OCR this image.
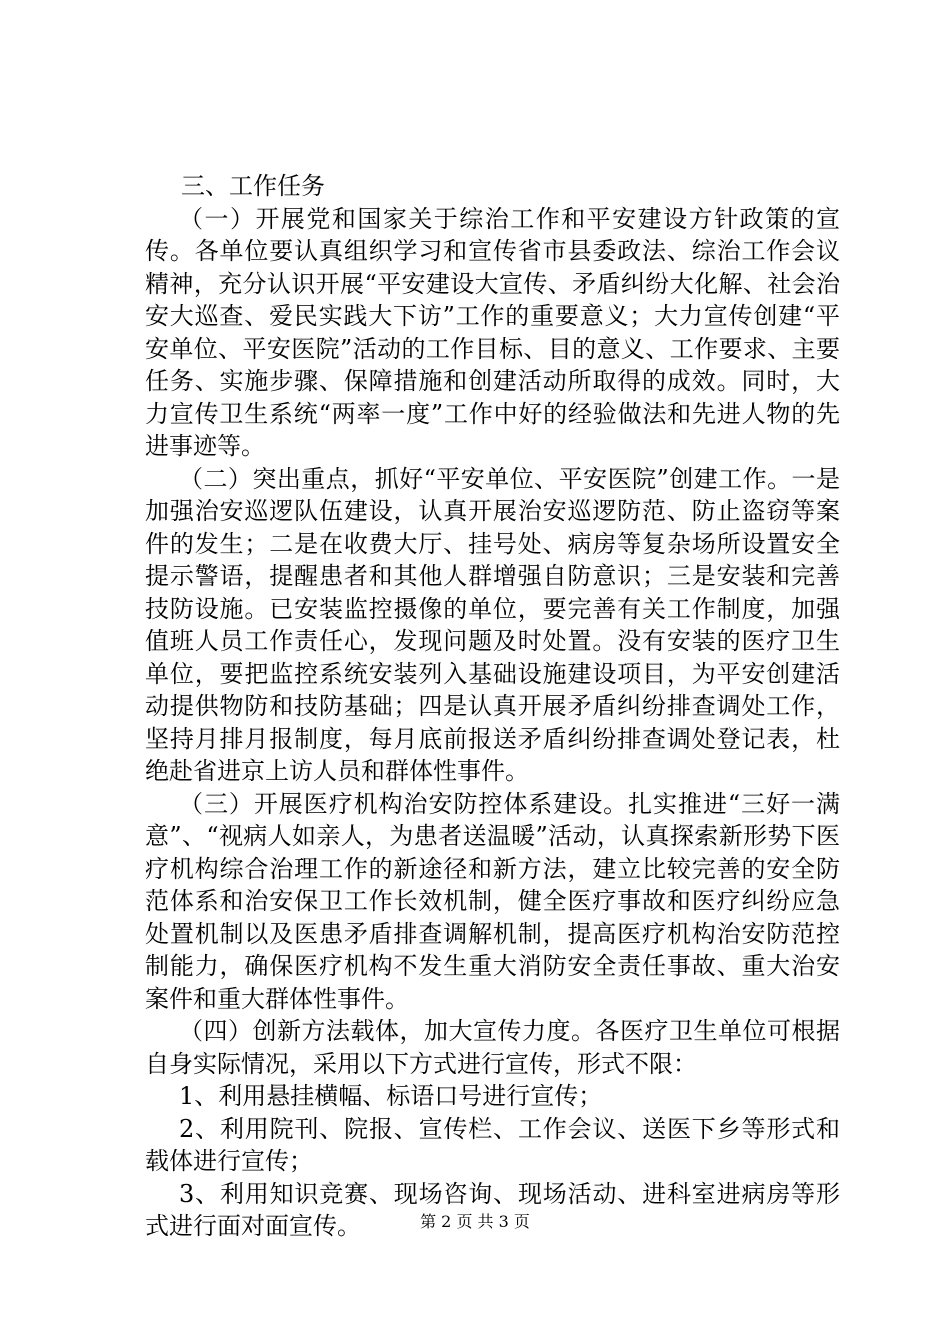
三、工作任务

（一）开展党和国家关于综治工作和平安建设方针政策的宣传。各单位要认真组织学习和宣传省市县委政法、综治工作会议精神，充分认识开展“平安建设大宣传、矛盾纠纷大化解、社会治安大巡查、爱民实践大下访”工作的重要意义；大力宣传创建“平安单位、平安医院”活动的工作目标、目的意义、工作要求、主要任务、实施步骤、保障措施和创建活动所取得的成效。同时，大力宣传卫生系统“两率一度”工作中好的经验做法和先进人物的先进事迹等。

（二）突出重点，抓好“平安单位、平安医院”创建工作。一是加强治安巡逻队伍建设，认真开展治安巡逻防范、防止盗窃等案件的发生；二是在收费大厅、挂号处、病房等复杂场所设置安全提示警语，提醒患者和其他人群增强自防意识；三是安装和完善技防设施。已安装监控摄像的单位，要完善有关工作制度，加强值班人员工作责任心，发现问题及时处置。没有安装的医疗卫生单位，要把监控系统安装列入基础设施建设项目，为平安创建活动提供物防和技防基础；四是认真开展矛盾纠纷排查调处工作，坚持月排月报制度，每月底前报送矛盾纠纷排查调处登记表，杜绝赴省进京上访人员和群体性事件。

（三）开展医疗机构治安防控体系建设。扎实推进“三好一满意”、“视病人如亲人，为患者送温暖”活动，认真探索新形势下医疗机构综合治理工作的新途径和新方法，建立比较完善的安全防范体系和治安保卫工作长效机制，健全医疗事故和医疗纠纷应急处置机制以及医患矛盾排查调解机制，提高医疗机构治安防范控制能力，确保医疗机构不发生重大消防安全责任事故、重大治安案件和重大群体性事件。

（四）创新方法载体，加大宣传力度。各医疗卫生单位可根据自身实际情况，采用以下方式进行宣传，形式不限：

1、利用悬挂横幅、标语口号进行宣传；

2、利用院刊、院报、宣传栏、工作会议、送医下乡等形式和载体进行宣传；

3、利用知识竞赛、现场咨询、现场活动、进科室进病房等形式进行面对面宣传。	第 2 页 共 3 页
